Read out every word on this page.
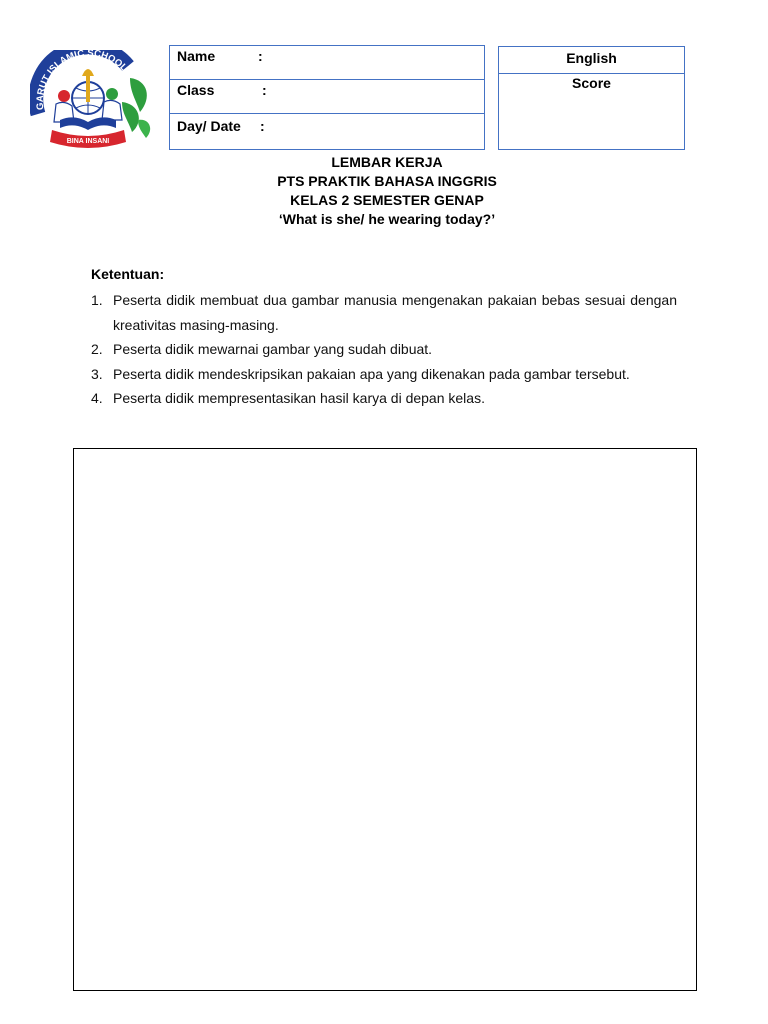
GARUT ISLAMIC SCHOOL
BINA INSANI
Name	:
Class	:
Day/ Date :
English
Score
LEMBAR KERJA
PTS PRAKTIK BAHASA INGGRIS
KELAS 2 SEMESTER GENAP
‘What is she/ he wearing today?’
Ketentuan:
1. Peserta didik membuat dua gambar manusia mengenakan pakaian bebas sesuai dengan kreativitas masing-masing.
2. Peserta didik mewarnai gambar yang sudah dibuat.
3. Peserta didik mendeskripsikan pakaian apa yang dikenakan pada gambar tersebut.
4. Peserta didik mempresentasikan hasil karya di depan kelas.
